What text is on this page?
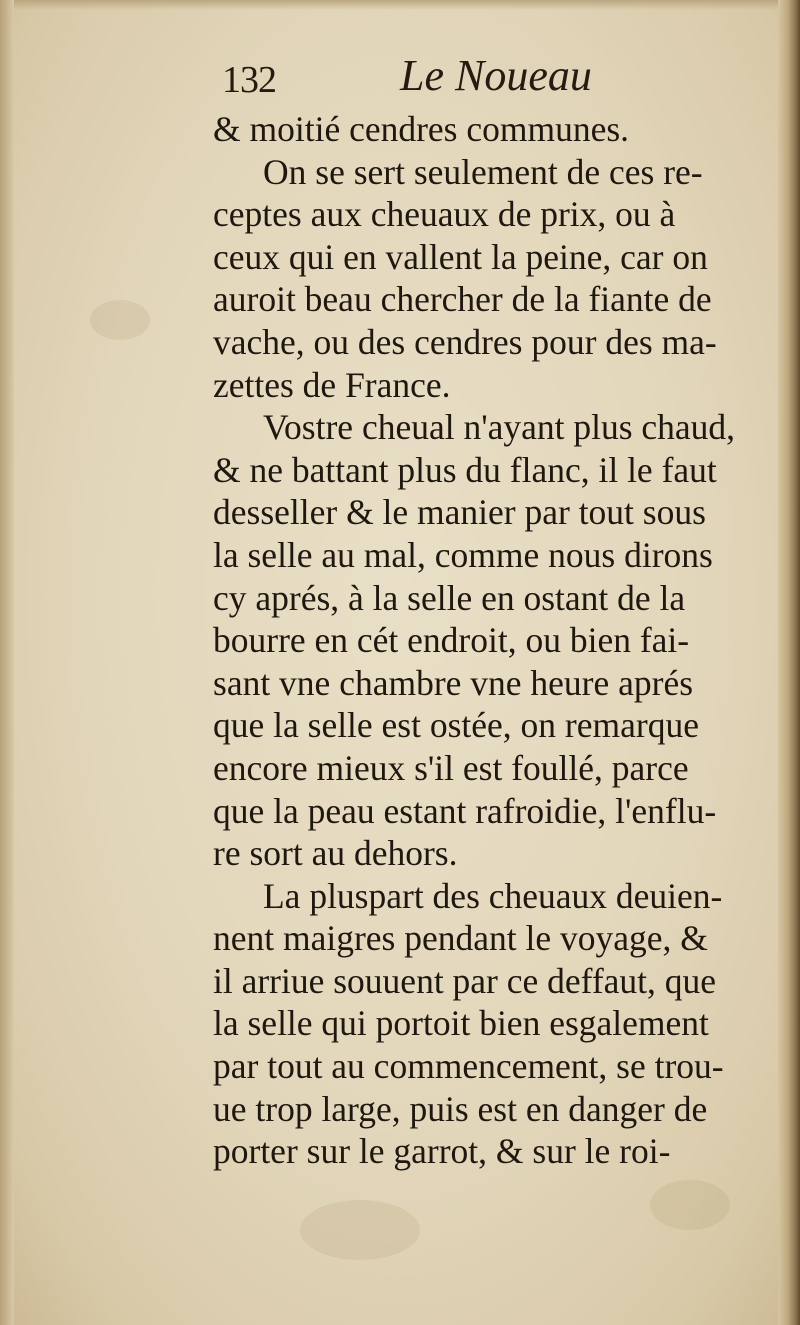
132	Le Noueau
& moitié cendres communes.
On se sert seulement de ces re-
ceptes aux cheuaux de prix, ou à
ceux qui en vallent la peine, car on
auroit beau chercher de la fiante de
vache, ou des cendres pour des ma-
zettes de France.
Vostre cheual n'ayant plus chaud,
& ne battant plus du flanc, il le faut
desseller & le manier par tout sous
la selle au mal, comme nous dirons
cy aprés, à la selle en ostant de la
bourre en cét endroit, ou bien fai-
sant vne chambre vne heure aprés
que la selle est ostée, on remarque
encore mieux s'il est foullé, parce
que la peau estant rafroidie, l'enflu-
re sort au dehors.
La pluspart des cheuaux deuien-
nent maigres pendant le voyage, &
il arriue souuent par ce deffaut, que
la selle qui portoit bien esgalement
par tout au commencement, se trou-
ue trop large, puis est en danger de
porter sur le garrot, & sur le roi-
